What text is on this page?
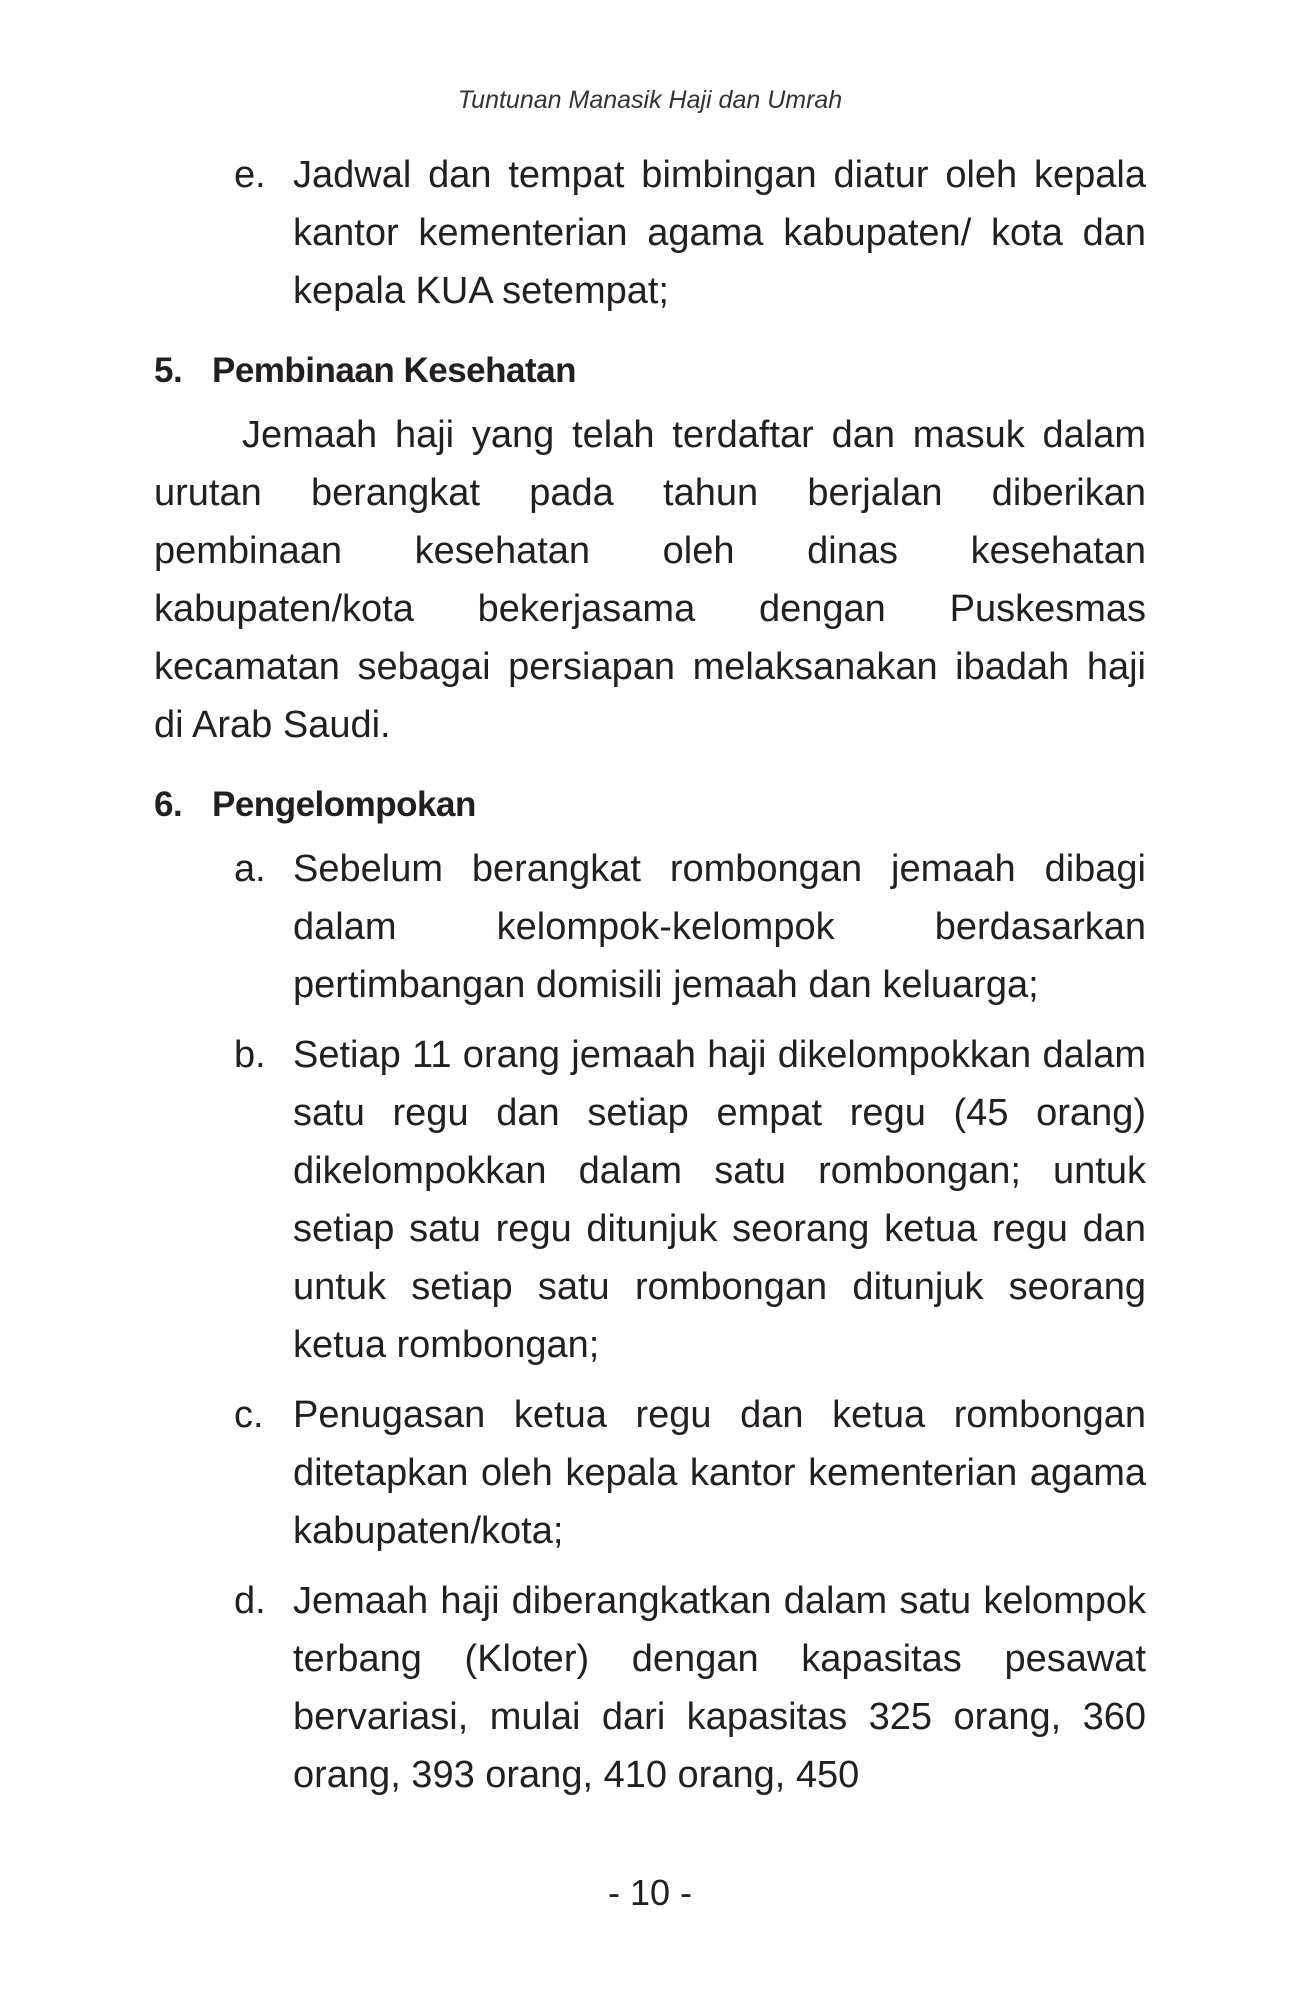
Tuntunan Manasik Haji dan Umrah
e. Jadwal dan tempat bimbingan diatur oleh kepala kantor kementerian agama kabupaten/ kota dan kepala KUA setempat;
5. Pembinaan Kesehatan
Jemaah haji yang telah terdaftar dan masuk dalam urutan berangkat pada tahun berjalan diberikan pembinaan kesehatan oleh dinas kesehatan kabupaten/kota bekerjasama dengan Puskesmas kecamatan sebagai persiapan melaksanakan ibadah haji di Arab Saudi.
6. Pengelompokan
a. Sebelum berangkat rombongan jemaah dibagi dalam kelompok-kelompok berdasarkan pertimbangan domisili jemaah dan keluarga;
b. Setiap 11 orang jemaah haji dikelompokkan dalam satu regu dan setiap empat regu (45 orang) dikelompokkan dalam satu rombongan; untuk setiap satu regu ditunjuk seorang ketua regu dan untuk setiap satu rombongan ditunjuk seorang ketua rombongan;
c. Penugasan ketua regu dan ketua rombongan ditetapkan oleh kepala kantor kementerian agama kabupaten/kota;
d. Jemaah haji diberangkatkan dalam satu kelompok terbang (Kloter) dengan kapasitas pesawat bervariasi, mulai dari kapasitas 325 orang, 360 orang, 393 orang, 410 orang, 450
- 10 -
